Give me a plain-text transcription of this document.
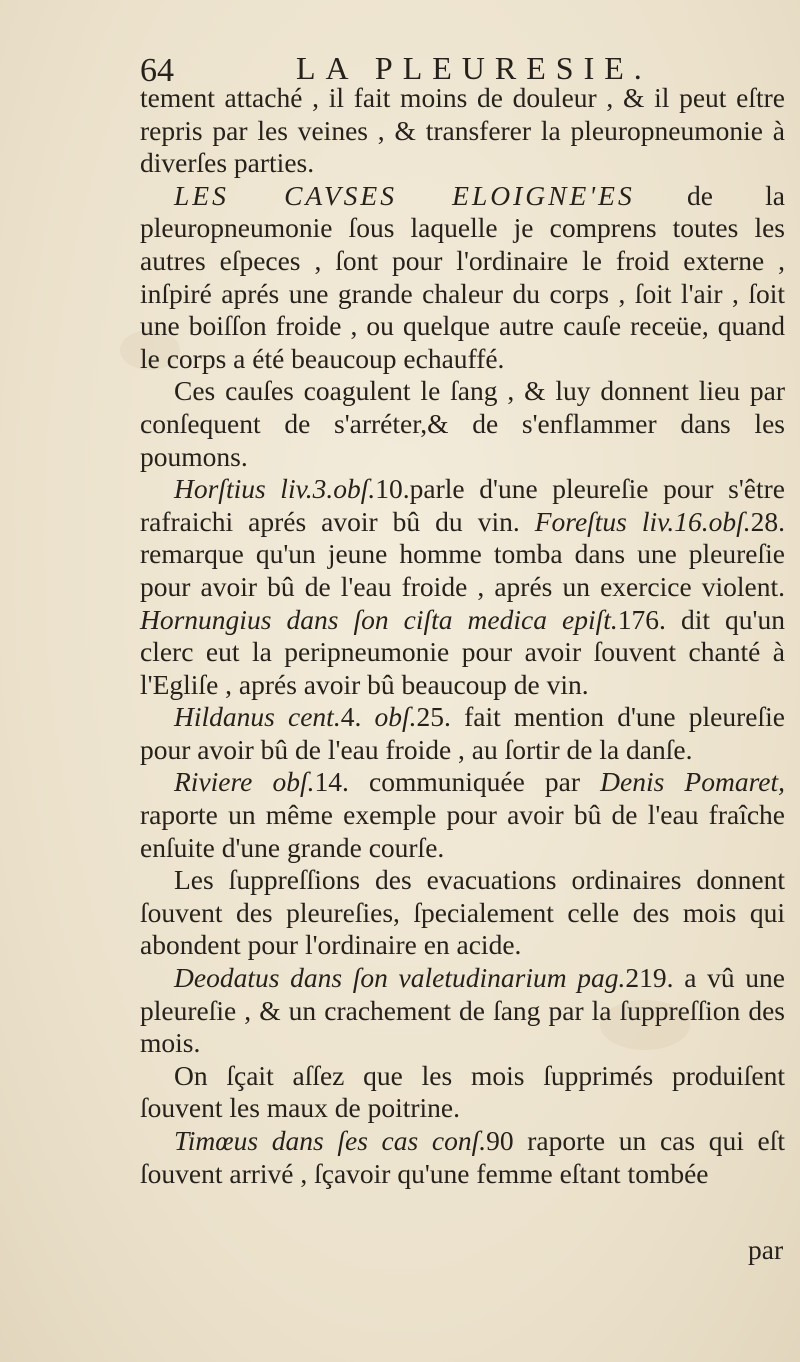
64	LA PLEURESIE.

tement attaché , il fait moins de douleur , & il peut eſtre repris par les veines , & transferer la pleuropneumonie à diverſes parties.

LES CAVSES ELOIGNE'ES de la pleuropneumonie ſous laquelle je comprens toutes les autres eſpeces , ſont pour l'ordinaire le froid externe , inſpiré aprés une grande chaleur du corps , ſoit l'air , ſoit une boiſſon froide , ou quelque autre cauſe receüe, quand le corps a été beaucoup echauffé.

Ces cauſes coagulent le ſang , & luy donnent lieu par conſequent de s'arréter,& de s'enflammer dans les poumons.

Horſtius liv.3.obſ.10.parle d'une pleureſie pour s'être rafraichi aprés avoir bû du vin. Foreſtus liv.16.obſ.28. remarque qu'un jeune homme tomba dans une pleureſie pour avoir bû de l'eau froide , aprés un exercice violent. Hornungius dans ſon ciſta medica epiſt.176. dit qu'un clerc eut la peripneumonie pour avoir ſouvent chanté à l'Egliſe , aprés avoir bû beaucoup de vin.

Hildanus cent.4. obſ.25. fait mention d'une pleureſie pour avoir bû de l'eau froide , au ſortir de la danſe.

Riviere obſ.14. communiquée par Denis Pomaret, raporte un même exemple pour avoir bû de l'eau fraîche enſuite d'une grande courſe.

Les ſuppreſſions des evacuations ordinaires donnent ſouvent des pleureſies, ſpecialement celle des mois qui abondent pour l'ordinaire en acide.

Deodatus dans ſon valetudinarium pag.219. a vû une pleureſie , & un crachement de ſang par la ſuppreſſion des mois.

On ſçait aſſez que les mois ſupprimés produiſent ſouvent les maux de poitrine.

Timœus dans ſes cas conſ.90 raporte un cas qui eſt ſouvent arrivé , ſçavoir qu'une femme eſtant tombée

par
